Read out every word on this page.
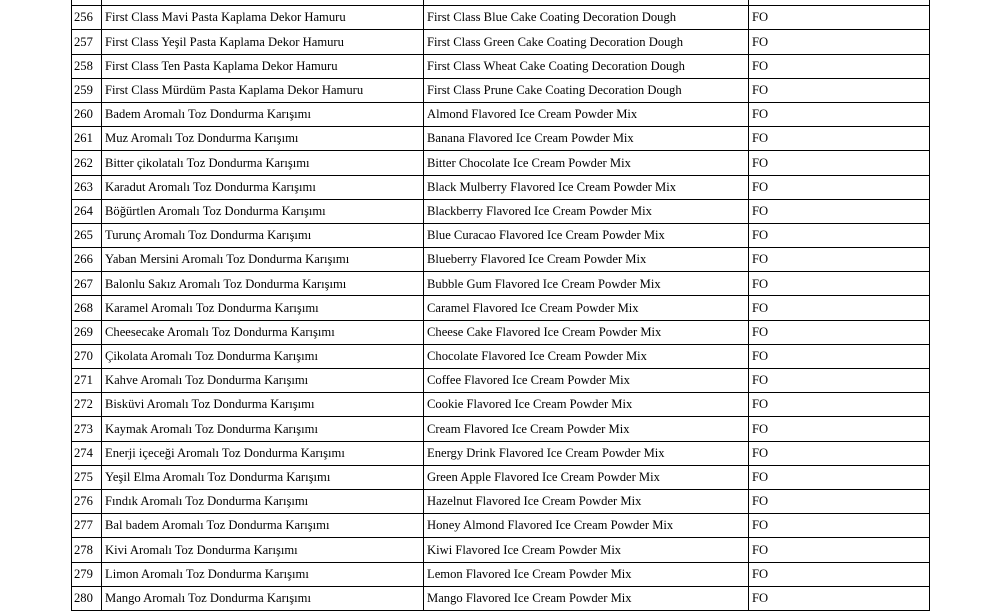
256	First Class Mavi Pasta Kaplama Dekor Hamuru	First Class Blue Cake Coating Decoration Dough	FO
257	First Class Yeşil Pasta Kaplama Dekor Hamuru	First Class Green Cake Coating Decoration Dough	FO
258	First Class Ten Pasta Kaplama Dekor Hamuru	First Class Wheat Cake Coating Decoration Dough	FO
259	First Class Mürdüm Pasta Kaplama Dekor Hamuru	First Class Prune Cake Coating Decoration Dough	FO
260	Badem Aromalı Toz Dondurma Karışımı	Almond Flavored Ice Cream Powder Mix	FO
261	Muz Aromalı Toz Dondurma Karışımı	Banana Flavored Ice Cream Powder Mix	FO
262	Bitter çikolatalı Toz Dondurma Karışımı	Bitter Chocolate Ice Cream Powder Mix	FO
263	Karadut Aromalı Toz Dondurma Karışımı	Black Mulberry Flavored Ice Cream Powder Mix	FO
264	Böğürtlen Aromalı Toz Dondurma Karışımı	Blackberry Flavored Ice Cream Powder Mix	FO
265	Turunç Aromalı Toz Dondurma Karışımı	Blue Curacao Flavored Ice Cream Powder Mix	FO
266	Yaban Mersini Aromalı Toz Dondurma Karışımı	Blueberry Flavored Ice Cream Powder Mix	FO
267	Balonlu Sakız Aromalı Toz Dondurma Karışımı	Bubble Gum Flavored Ice Cream Powder Mix	FO
268	Karamel Aromalı Toz Dondurma Karışımı	Caramel Flavored Ice Cream Powder Mix	FO
269	Cheesecake Aromalı Toz Dondurma Karışımı	Cheese Cake Flavored Ice Cream Powder Mix	FO
270	Çikolata Aromalı Toz Dondurma Karışımı	Chocolate Flavored Ice Cream Powder Mix	FO
271	Kahve Aromalı Toz Dondurma Karışımı	Coffee Flavored Ice Cream Powder Mix	FO
272	Bisküvi Aromalı Toz Dondurma Karışımı	Cookie Flavored Ice Cream Powder Mix	FO
273	Kaymak Aromalı Toz Dondurma Karışımı	Cream Flavored Ice Cream Powder Mix	FO
274	Enerji içeceği Aromalı Toz Dondurma Karışımı	Energy Drink Flavored Ice Cream Powder Mix	FO
275	Yeşil Elma Aromalı Toz Dondurma Karışımı	Green Apple Flavored Ice Cream Powder Mix	FO
276	Fındık Aromalı Toz Dondurma Karışımı	Hazelnut Flavored Ice Cream Powder Mix	FO
277	Bal badem Aromalı Toz Dondurma Karışımı	Honey Almond Flavored Ice Cream Powder Mix	FO
278	Kivi Aromalı Toz Dondurma Karışımı	Kiwi Flavored Ice Cream Powder Mix	FO
279	Limon Aromalı Toz Dondurma Karışımı	Lemon Flavored Ice Cream Powder Mix	FO
280	Mango Aromalı Toz Dondurma Karışımı	Mango Flavored Ice Cream Powder Mix	FO
